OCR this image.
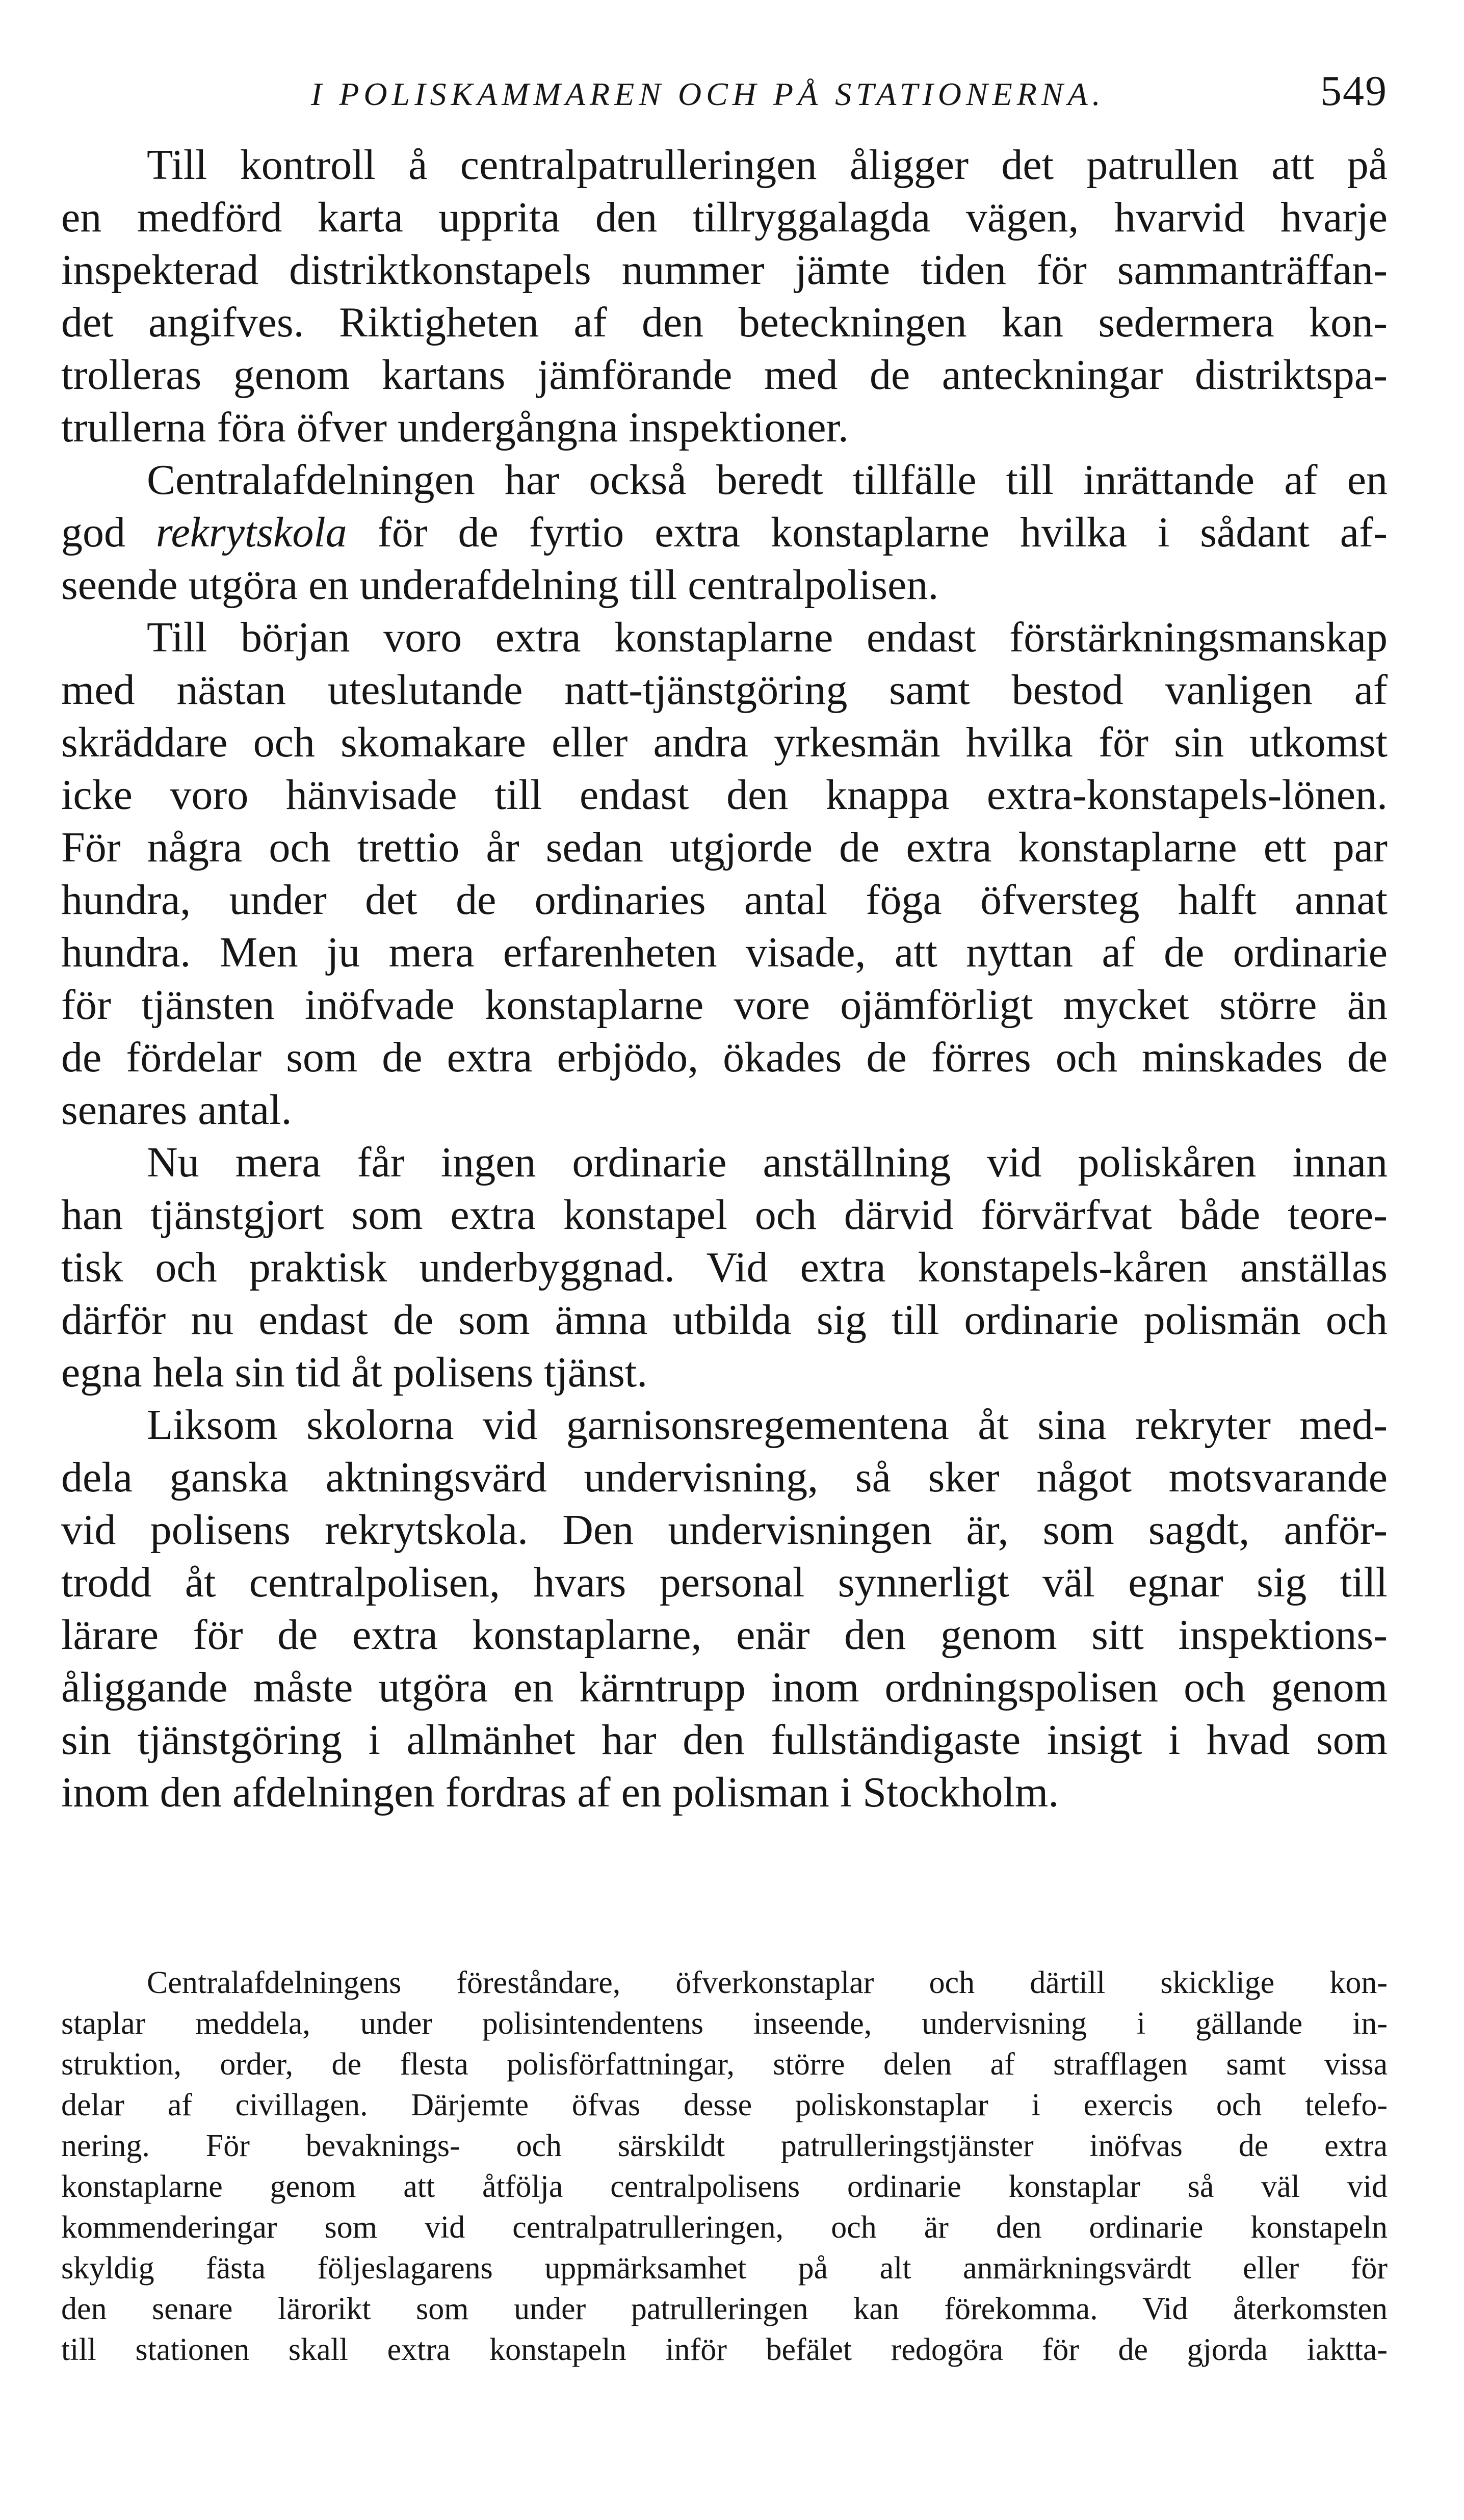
I POLISKAMMAREN OCH PÅ STATIONERNA.	549
Till kontroll å centralpatrulleringen åligger det patrullen att på
en medförd karta upprita den tillryggalagda vägen, hvarvid hvarje
inspekterad distriktkonstapels nummer jämte tiden för sammanträffan-
det angifves. Riktigheten af den beteckningen kan sedermera kon-
trolleras genom kartans jämförande med de anteckningar distriktspa-
trullerna föra öfver undergångna inspektioner.
Centralafdelningen har också beredt tillfälle till inrättande af en
god rekrytskola för de fyrtio extra konstaplarne hvilka i sådant af-
seende utgöra en underafdelning till centralpolisen.
Till början voro extra konstaplarne endast förstärkningsmanskap
med nästan uteslutande natt-tjänstgöring samt bestod vanligen af
skräddare och skomakare eller andra yrkesmän hvilka för sin utkomst
icke voro hänvisade till endast den knappa extra-konstapels-lönen.
För några och trettio år sedan utgjorde de extra konstaplarne ett par
hundra, under det de ordinaries antal föga öfversteg halft annat
hundra. Men ju mera erfarenheten visade, att nyttan af de ordinarie
för tjänsten inöfvade konstaplarne vore ojämförligt mycket större än
de fördelar som de extra erbjödo, ökades de förres och minskades de
senares antal.
Nu mera får ingen ordinarie anställning vid poliskåren innan
han tjänstgjort som extra konstapel och därvid förvärfvat både teore-
tisk och praktisk underbyggnad. Vid extra konstapels-kåren anställas
därför nu endast de som ämna utbilda sig till ordinarie polismän och
egna hela sin tid åt polisens tjänst.
Liksom skolorna vid garnisonsregementena åt sina rekryter med-
dela ganska aktningsvärd undervisning, så sker något motsvarande
vid polisens rekrytskola. Den undervisningen är, som sagdt, anför-
trodd åt centralpolisen, hvars personal synnerligt väl egnar sig till
lärare för de extra konstaplarne, enär den genom sitt inspektions-
åliggande måste utgöra en kärntrupp inom ordningspolisen och genom
sin tjänstgöring i allmänhet har den fullständigaste insigt i hvad som
inom den afdelningen fordras af en polisman i Stockholm.
Centralafdelningens föreståndare, öfverkonstaplar och därtill skicklige kon-
staplar meddela, under polisintendentens inseende, undervisning i gällande in-
struktion, order, de flesta polisförfattningar, större delen af strafflagen samt vissa
delar af civillagen. Därjemte öfvas desse poliskonstaplar i exercis och telefo-
nering. För bevaknings- och särskildt patrulleringstjänster inöfvas de extra
konstaplarne genom att åtfölja centralpolisens ordinarie konstaplar så väl vid
kommenderingar som vid centralpatrulleringen, och är den ordinarie konstapeln
skyldig fästa följeslagarens uppmärksamhet på alt anmärkningsvärdt eller för
den senare lärorikt som under patrulleringen kan förekomma. Vid återkomsten
till stationen skall extra konstapeln inför befälet redogöra för de gjorda iaktta-
